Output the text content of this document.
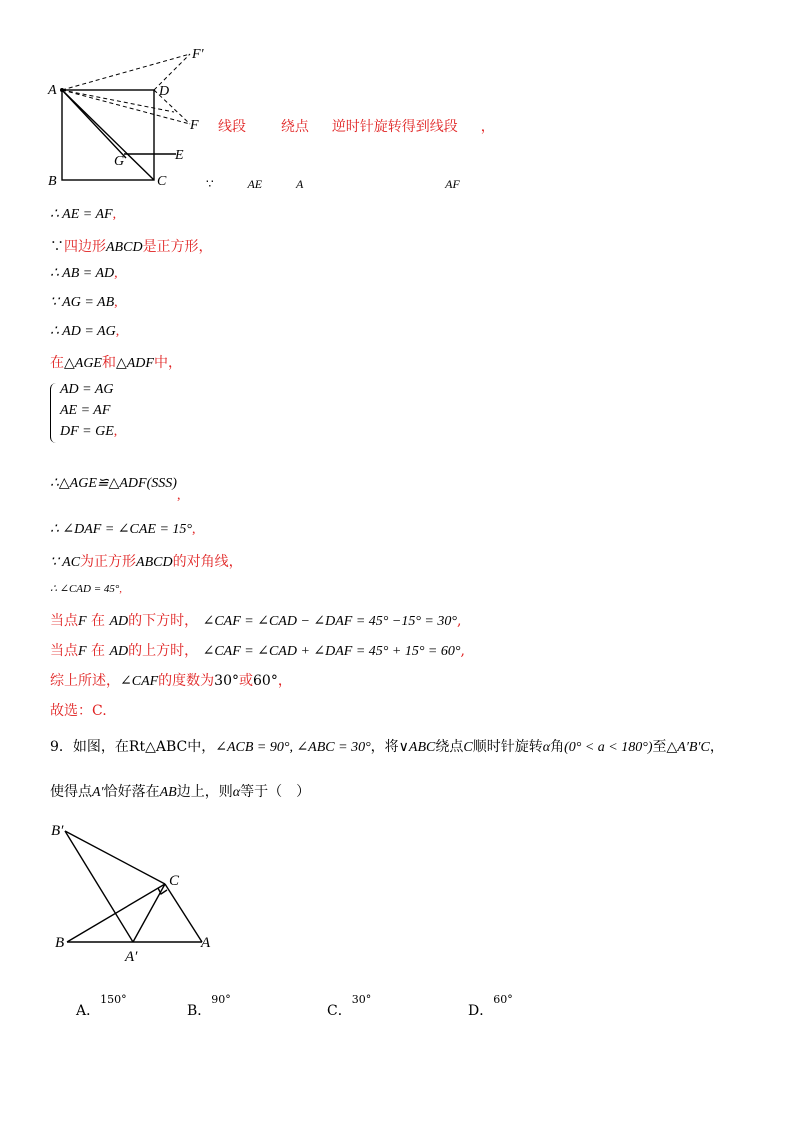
F'
A	D
F
G	E
B	C
线段 绕点 逆时针旋转得到线段 ，
∵	AE	A	AF
∴ AE = AF,
∵四边形ABCD是正方形，
∴ AB = AD,
∵ AG = AB,
∴ AD = AG,
在△AGE和△ADF中，
AD = AG
AE = AF
DF = GE,
∴△AGE≌△ADF(SSS),
∴ ∠DAF = ∠CAE = 15°,
∵ AC为正方形ABCD的对角线，
∴ ∠CAD = 45°,
当点F 在 AD的下方时， ∠CAF = ∠CAD − ∠DAF = 45° −15° = 30°,
当点F 在 AD的上方时， ∠CAF = ∠CAD + ∠DAF = 45° + 15° = 60°,
综上所述，∠CAF的度数为30°或60°，
故选：C.
9．如图，在Rt△ABC中，∠ACB = 90°, ∠ABC = 30°，将∨ABC绕点C顺时针旋转α角(0° < a < 180°)至△A′B′C，
使得点A′恰好落在AB边上，则α等于（　）
B′
C
B
A′
A
A．150°
B．90°
C．30°
D．60°
